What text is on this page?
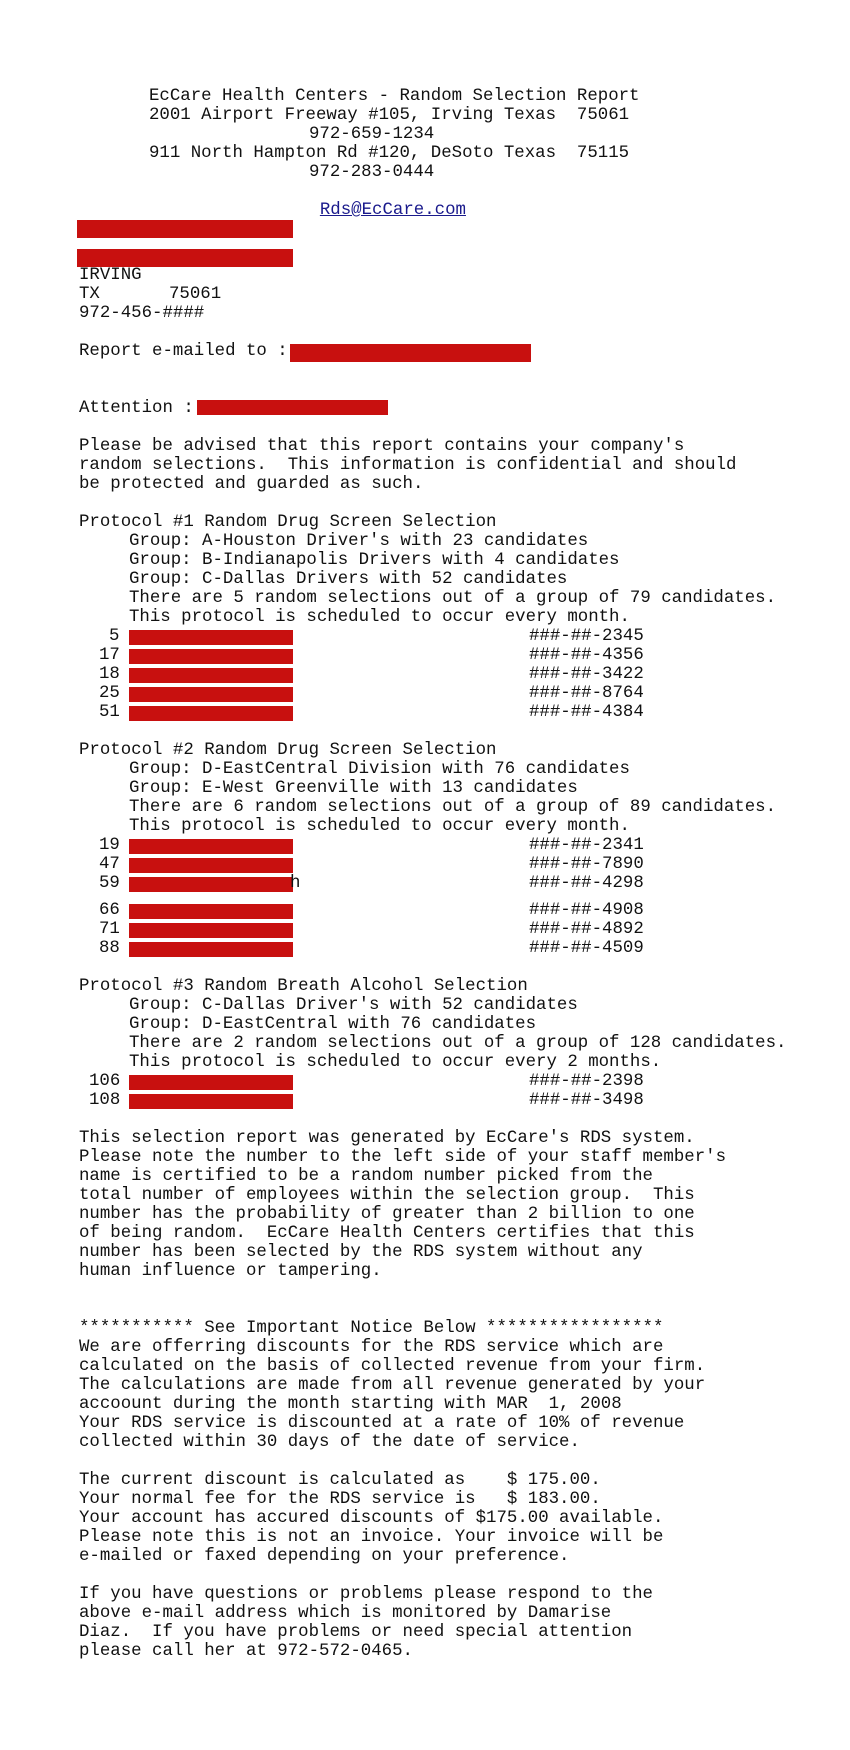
EcCare Health Centers - Random Selection Report
2001 Airport Freeway #105, Irving Texas  75061
972-659-1234
911 North Hampton Rd #120, DeSoto Texas  75115
972-283-0444

Rds@EcCare.com

IRVING
TX	75061
972-456-####
Report e-mailed to :
Attention :
Please be advised that this report contains your company's
random selections.  This information is confidential and should
be protected and guarded as such.
Protocol #1 Random Drug Screen Selection
Group: A-Houston Driver's with 23 candidates
Group: B-Indianapolis Drivers with 4 candidates
Group: C-Dallas Drivers with 52 candidates
There are 5 random selections out of a group of 79 candidates.
This protocol is scheduled to occur every month.
5	###-##-2345
17	###-##-4356
18	###-##-3422
25	###-##-8764
51	###-##-4384
Protocol #2 Random Drug Screen Selection
Group: D-EastCentral Division with 76 candidates
Group: E-West Greenville with 13 candidates
There are 6 random selections out of a group of 89 candidates.
This protocol is scheduled to occur every month.
19	###-##-2341
47	###-##-7890
59	h	###-##-4298
66	###-##-4908
71	###-##-4892
88	###-##-4509
Protocol #3 Random Breath Alcohol Selection
Group: C-Dallas Driver's with 52 candidates
Group: D-EastCentral with 76 candidates
There are 2 random selections out of a group of 128 candidates.
This protocol is scheduled to occur every 2 months.
106	###-##-2398
108	###-##-3498
This selection report was generated by EcCare's RDS system.
Please note the number to the left side of your staff member's
name is certified to be a random number picked from the
total number of employees within the selection group.  This
number has the probability of greater than 2 billion to one
of being random.  EcCare Health Centers certifies that this
number has been selected by the RDS system without any
human influence or tampering.
*********** See Important Notice Below *****************
We are offerring discounts for the RDS service which are
calculated on the basis of collected revenue from your firm.
The calculations are made from all revenue generated by your
accoount during the month starting with MAR  1, 2008
Your RDS service is discounted at a rate of 10% of revenue
collected within 30 days of the date of service.
The current discount is calculated as    $ 175.00.
Your normal fee for the RDS service is   $ 183.00.
Your account has accured discounts of $175.00 available.
Please note this is not an invoice. Your invoice will be
e-mailed or faxed depending on your preference.
If you have questions or problems please respond to the
above e-mail address which is monitored by Damarise
Diaz.  If you have problems or need special attention
please call her at 972-572-0465.
